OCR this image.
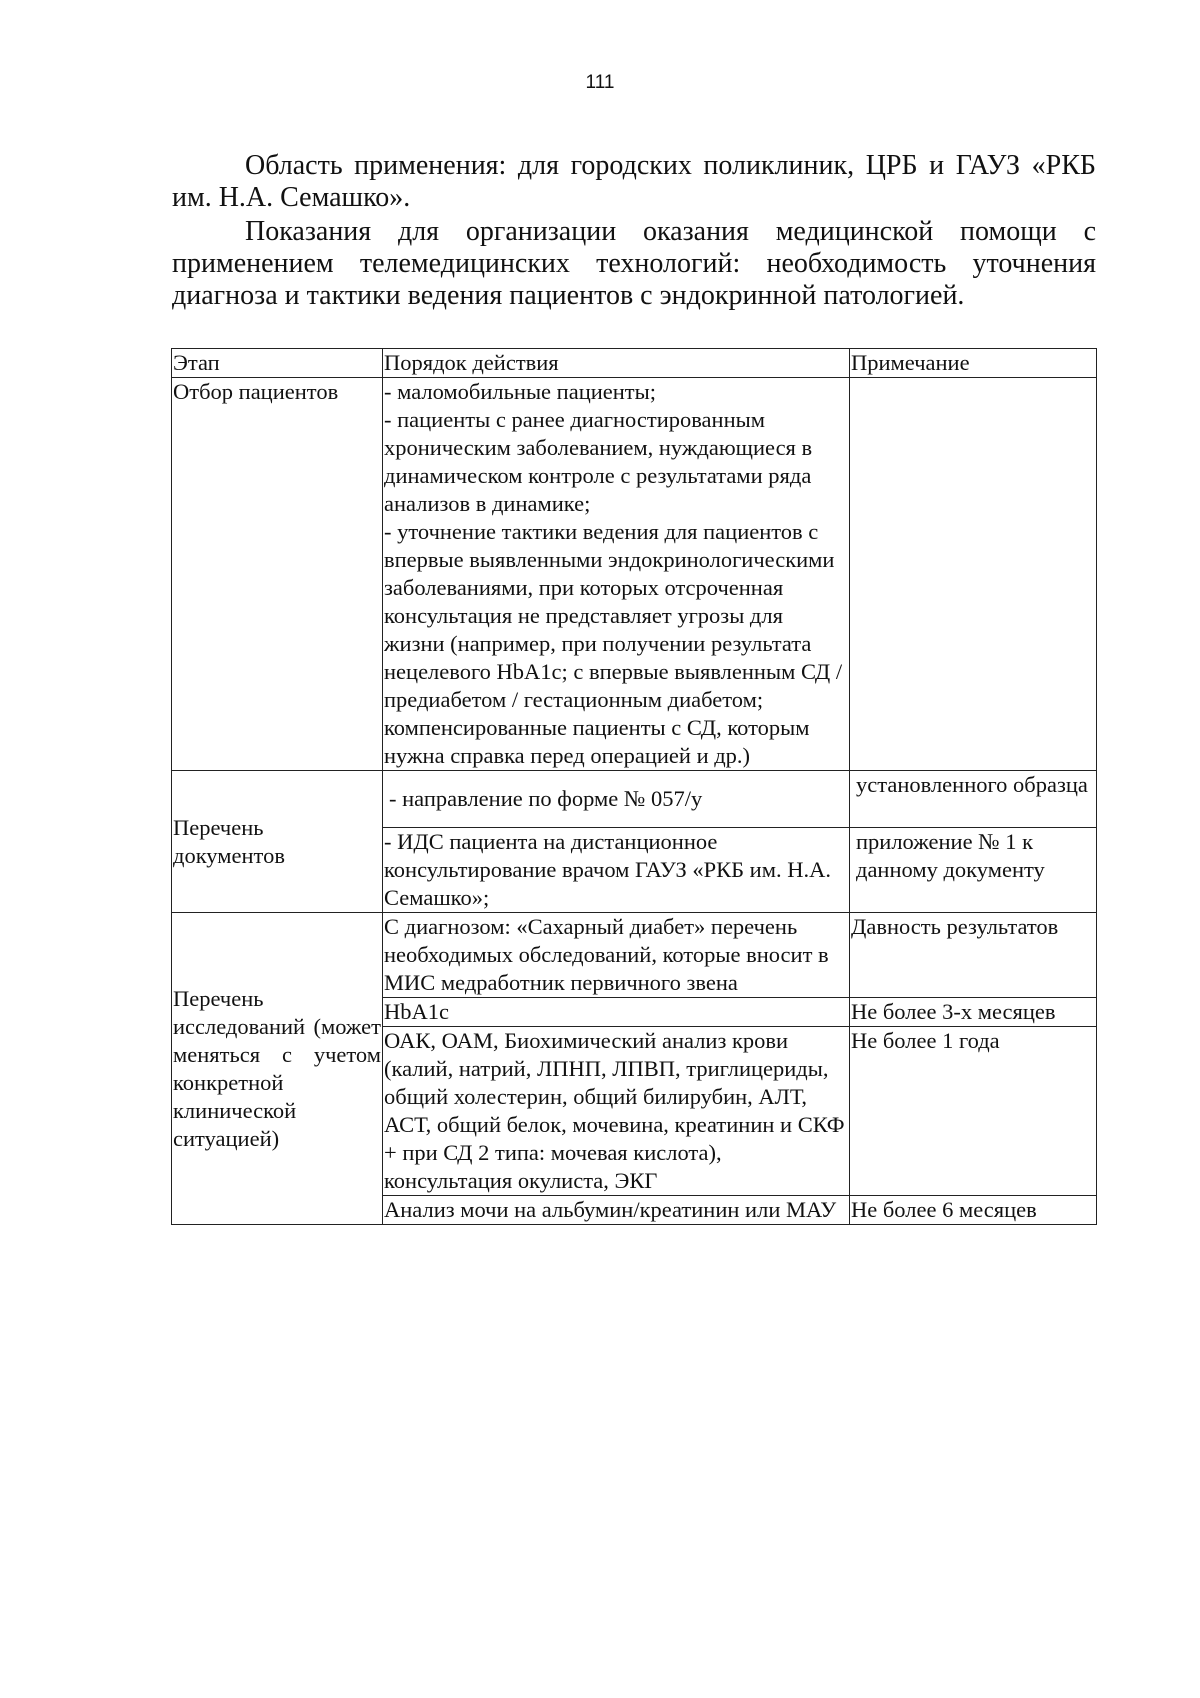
111

Область применения: для городских поликлиник, ЦРБ и ГАУЗ «РКБ им. Н.А. Семашко».

Показания для организации оказания медицинской помощи с применением телемедицинских технологий: необходимость уточнения диагноза и тактики ведения пациентов с эндокринной патологией.

Этап	Порядок действия	Примечание
Отбор пациентов	- маломобильные пациенты;
- пациенты с ранее диагностированным хроническим заболеванием, нуждающиеся в динамическом контроле с результатами ряда анализов в динамике;
- уточнение тактики ведения для пациентов с впервые выявленными эндокринологическими заболеваниями, при которых отсроченная консультация не представляет угрозы для жизни (например, при получении результата нецелевого HbA1c; с впервые выявленным СД / предиабетом / гестационным диабетом; компенсированные пациенты с СД, которым нужна справка перед операцией и др.)	

Перечень документов	- направление по форме № 057/у	установленного образца
	- ИДС пациента на дистанционное консультирование врачом ГАУЗ «РКБ им. Н.А. Семашко»;	приложение № 1 к данному документу
Перечень исследований (может меняться с учетом конкретной клинической ситуацией)	С диагнозом: «Сахарный диабет» перечень необходимых обследований, которые вносит в МИС медработник первичного звена	Давность результатов
	HbA1c	Не более 3-х месяцев
	ОАК, ОАМ, Биохимический анализ крови (калий, натрий, ЛПНП, ЛПВП, триглицериды, общий холестерин, общий билирубин, АЛТ, АСТ, общий белок, мочевина, креатинин и СКФ + при СД 2 типа: мочевая кислота), консультация окулиста, ЭКГ	Не более 1 года
	Анализ мочи на альбумин/креатинин или МАУ	Не более 6 месяцев
